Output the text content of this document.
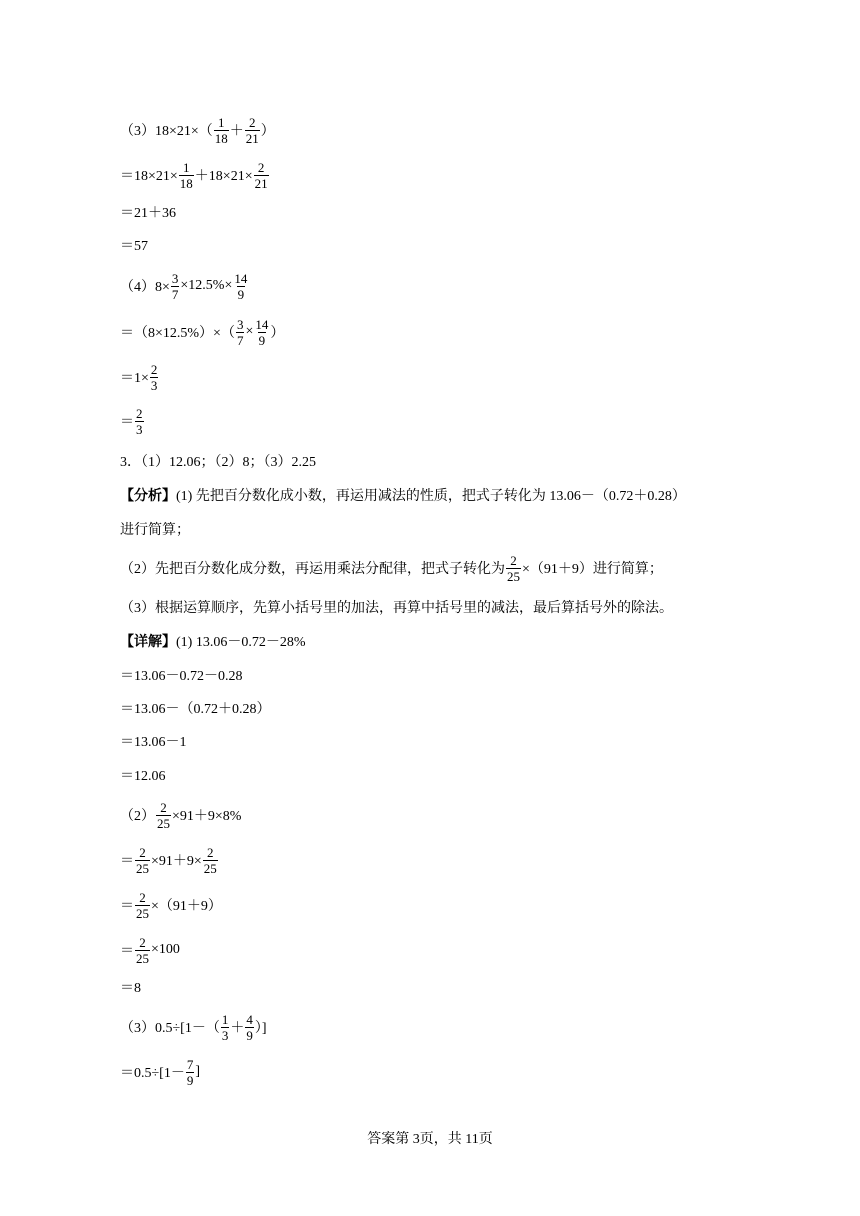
$(3)18\times 21\times( \frac{1}{18} + \frac{2}{21}$ ）
$=18\times 21\times \frac{1}{18} +18\times 21\times \frac{2}{21}$
＝21＋36
＝57
$(4)8\times \frac{3}{7} \times 12.5\%\times \frac{14}{9}$
$=(8\times 12.5\%)\times( \frac{3}{7} \times \frac{14}{9}$ ）
$=1\times \frac{2}{3}$
＝ $\frac{2}{3}$
3．（1）12.06；（2）8；（3）2.25
【分析】 (1) 先把百分数化成小数，再运用减法的性质，把式子转化为 13.06－（0.72＋0.28）
进行简算；
（2）先把百分数化成分数，再运用乘法分配律，把式子转化为 $\frac{2}{25} \times(91+9)$进行简算；
（3）根据运算顺序，先算小括号里的加法，再算中括号里的减法，最后算括号外的除法。
【详解】 (1) 13.06－0.72－28%
＝13.06－0.72－0.28
＝13.06－（0.72＋0.28）
＝13.06－1
＝12.06
$(2) \frac{2}{25} \times 91+9\times 8\%$
＝ $\frac{2}{25} \times 91+9\times \frac{2}{25}$
＝ $\frac{2}{25} \times(91+9)$
＝ $\frac{2}{25} \times 100$
＝8
$(3)0.5\div[1-( \frac{1}{3} + \frac{4}{9}$ ）]
$=0.5\div[1- \frac{7}{9}$ ]
答案第 3页，共 11页
